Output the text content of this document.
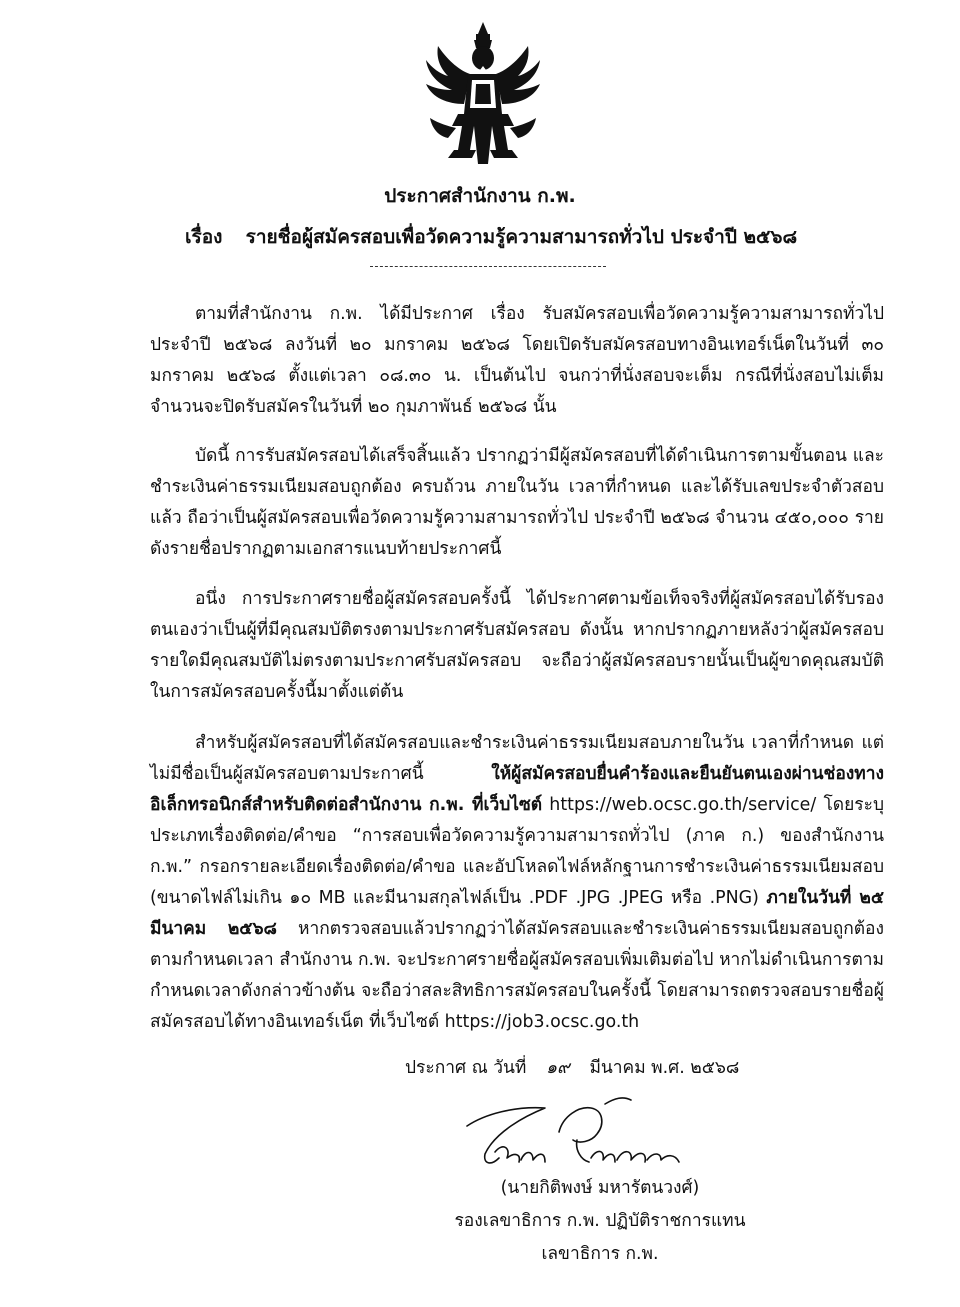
ประกาศสำนักงาน ก.พ.
เรื่อง รายชื่อผู้สมัครสอบเพื่อวัดความรู้ความสามารถทั่วไป ประจำปี ๒๕๖๘

ตามที่สำนักงาน ก.พ. ได้มีประกาศ เรื่อง รับสมัครสอบเพื่อวัดความรู้ความสามารถทั่วไป ประจำปี ๒๕๖๘ ลงวันที่ ๒๐ มกราคม ๒๕๖๘ โดยเปิดรับสมัครสอบทางอินเทอร์เน็ตในวันที่ ๓๐ มกราคม ๒๕๖๘ ตั้งแต่เวลา ๐๘.๓๐ น. เป็นต้นไป จนกว่าที่นั่งสอบจะเต็ม กรณีที่นั่งสอบไม่เต็มจำนวนจะปิดรับสมัครในวันที่ ๒๐ กุมภาพันธ์ ๒๕๖๘ นั้น

บัดนี้ การรับสมัครสอบได้เสร็จสิ้นแล้ว ปรากฏว่ามีผู้สมัครสอบที่ได้ดำเนินการตามขั้นตอน และชำระเงินค่าธรรมเนียมสอบถูกต้อง ครบถ้วน ภายในวัน เวลาที่กำหนด และได้รับเลขประจำตัวสอบแล้ว ถือว่าเป็นผู้สมัครสอบเพื่อวัดความรู้ความสามารถทั่วไป ประจำปี ๒๕๖๘ จำนวน ๔๕๐,๐๐๐ ราย ดังรายชื่อปรากฏตามเอกสารแนบท้ายประกาศนี้

อนึ่ง การประกาศรายชื่อผู้สมัครสอบครั้งนี้ ได้ประกาศตามข้อเท็จจริงที่ผู้สมัครสอบได้รับรองตนเองว่าเป็นผู้ที่มีคุณสมบัติตรงตามประกาศรับสมัครสอบ ดังนั้น หากปรากฏภายหลังว่าผู้สมัครสอบรายใดมีคุณสมบัติไม่ตรงตามประกาศรับสมัครสอบ จะถือว่าผู้สมัครสอบรายนั้นเป็นผู้ขาดคุณสมบัติในการสมัครสอบครั้งนี้มาตั้งแต่ต้น

สำหรับผู้สมัครสอบที่ได้สมัครสอบและชำระเงินค่าธรรมเนียมสอบภายในวัน เวลาที่กำหนด แต่ไม่มีชื่อเป็นผู้สมัครสอบตามประกาศนี้ ให้ผู้สมัครสอบยื่นคำร้องและยืนยันตนเองผ่านช่องทางอิเล็กทรอนิกส์สำหรับติดต่อสำนักงาน ก.พ. ที่เว็บไซต์ https://web.ocsc.go.th/service/ โดยระบุประเภทเรื่องติดต่อ/คำขอ “การสอบเพื่อวัดความรู้ความสามารถทั่วไป (ภาค ก.) ของสำนักงาน ก.พ.” กรอกรายละเอียดเรื่องติดต่อ/คำขอ และอัปโหลดไฟล์หลักฐานการชำระเงินค่าธรรมเนียมสอบ (ขนาดไฟล์ไม่เกิน ๑๐ MB และมีนามสกุลไฟล์เป็น .PDF .JPG .JPEG หรือ .PNG) ภายในวันที่ ๒๕ มีนาคม ๒๕๖๘ หากตรวจสอบแล้วปรากฏว่าได้สมัครสอบและชำระเงินค่าธรรมเนียมสอบถูกต้องตามกำหนดเวลา สำนักงาน ก.พ. จะประกาศรายชื่อผู้สมัครสอบเพิ่มเติมต่อไป หากไม่ดำเนินการตามกำหนดเวลาดังกล่าวข้างต้น จะถือว่าสละสิทธิการสมัครสอบในครั้งนี้ โดยสามารถตรวจสอบรายชื่อผู้สมัครสอบได้ทางอินเทอร์เน็ต ที่เว็บไซต์ https://job3.ocsc.go.th

ประกาศ ณ วันที่ ๑๙ มีนาคม พ.ศ. ๒๕๖๘
(นายกิติพงษ์ มหารัตนวงศ์)
รองเลขาธิการ ก.พ. ปฏิบัติราชการแทน
เลขาธิการ ก.พ.
